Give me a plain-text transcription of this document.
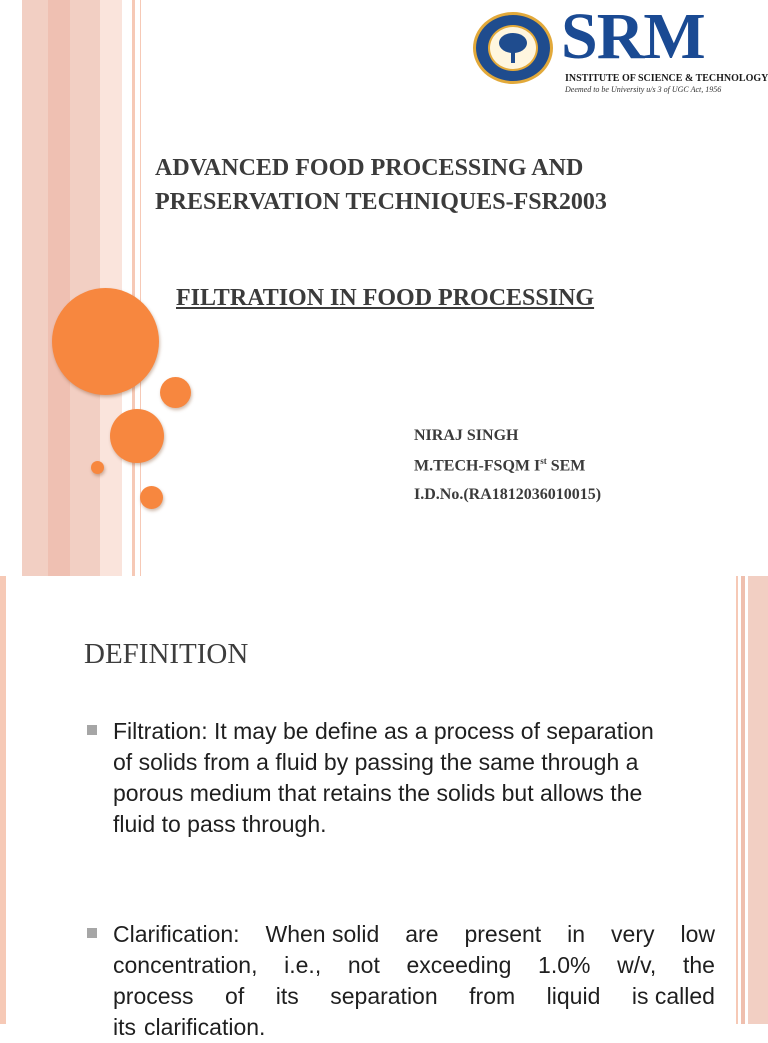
SRM
INSTITUTE OF SCIENCE & TECHNOLOGY
Deemed to be University u/s 3 of UGC Act, 1956
ADVANCED FOOD PROCESSING AND PRESERVATION TECHNIQUES-FSR2003
FILTRATION IN FOOD PROCESSING
NIRAJ SINGH
M.TECH-FSQM Ist SEM
I.D.No.(RA1812036010015)
DEFINITION
Filtration: It may be define as a process of separation
of solids from a fluid by passing the same through a
porous medium that retains the solids but allows the
fluid to pass through.
Clarification: When solid are present in very low
concentration, i.e., not exceeding 1.0% w/v, the
process of its separation from liquid is called
its clarification.
